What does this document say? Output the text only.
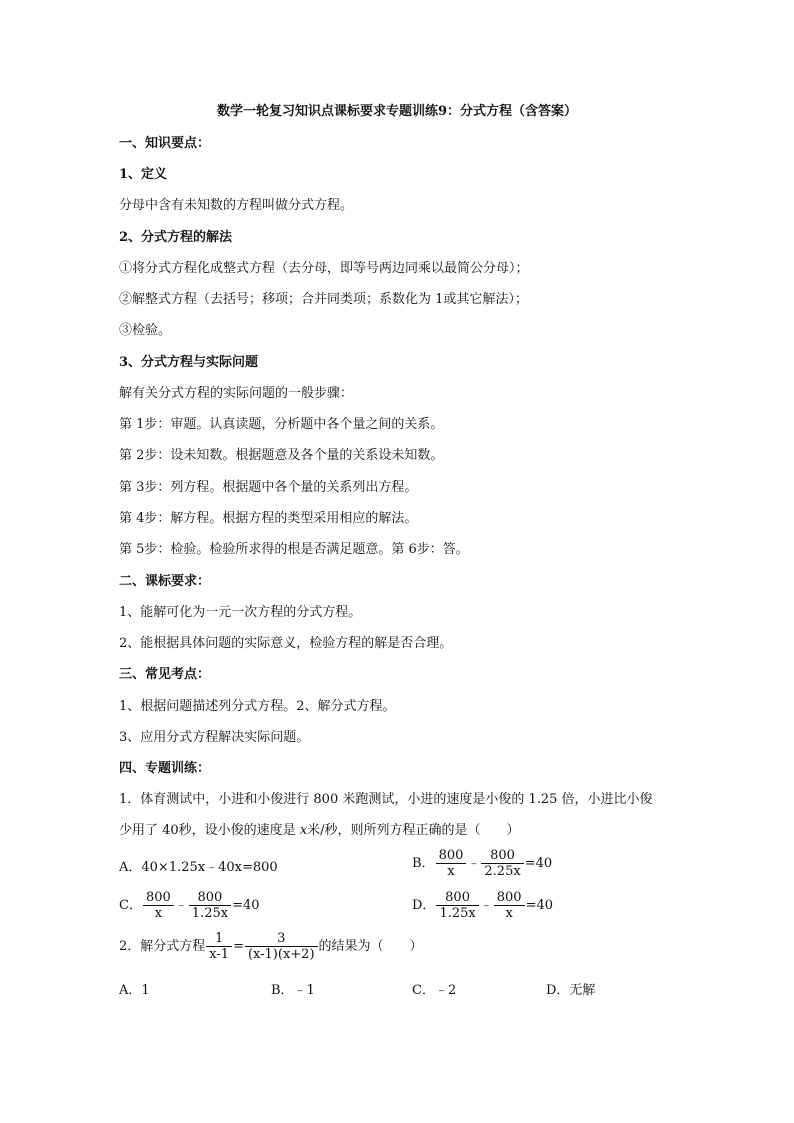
数学一轮复习知识点课标要求专题训练9：分式方程（含答案）
一、知识要点：
1、定义
分母中含有未知数的方程叫做分式方程。
2、分式方程的解法
①将分式方程化成整式方程（去分母，即等号两边同乘以最简公分母）；
②解整式方程（去括号；移项；合并同类项；系数化为 1或其它解法）；
③检验。
3、分式方程与实际问题
解有关分式方程的实际问题的一般步骤：
第 1步：审题。认真读题，分析题中各个量之间的关系。
第 2步：设未知数。根据题意及各个量的关系设未知数。
第 3步：列方程。根据题中各个量的关系列出方程。
第 4步：解方程。根据方程的类型采用相应的解法。
第 5步：检验。检验所求得的根是否满足题意。第 6步：答。
二、课标要求：
1、能解可化为一元一次方程的分式方程。
2、能根据具体问题的实际意义，检验方程的解是否合理。
三、常见考点：
1、根据问题描述列分式方程。2、解分式方程。
3、应用分式方程解决实际问题。
四、专题训练：
1．体育测试中，小进和小俊进行 800 米跑测试，小进的速度是小俊的 1.25 倍，小进比小俊
少用了 40秒，设小俊的速度是 x米/秒，则所列方程正确的是（　　）
A．40×1.25x﹣40x=800	B． $\frac{800}{x}$ ﹣ $\frac{800}{2.25x} =40$
C． $\frac{800}{x}$ ﹣ $\frac{800}{1.25x} =40$	D． $\frac{800}{1.25x}$ ﹣ $\frac{800}{x} =40$
2．解分式方程 $\frac{1}{x-1} = \frac{3}{(x-1)(x+2)}$ 的结果为（　　）
A．1	B．﹣1	C．﹣2	D．无解
